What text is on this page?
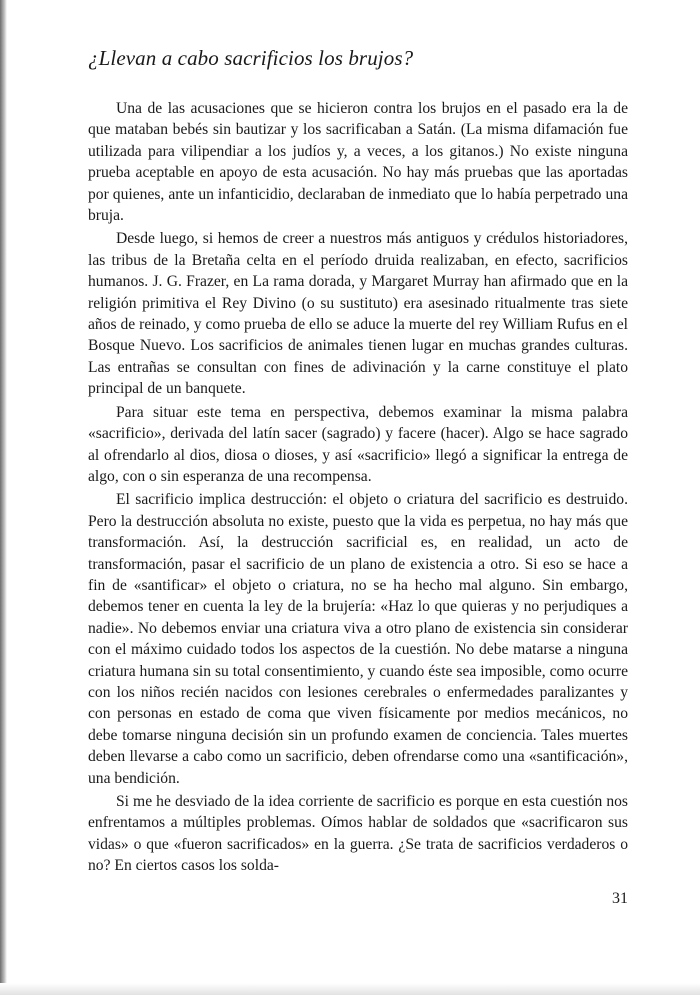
¿Llevan a cabo sacrificios los brujos?

Una de las acusaciones que se hicieron contra los brujos en el pasado era la de que mataban bebés sin bautizar y los sacrificaban a Satán. (La misma difamación fue utilizada para vilipendiar a los judíos y, a veces, a los gitanos.) No existe ninguna prueba aceptable en apoyo de esta acusación. No hay más pruebas que las aportadas por quienes, ante un infanticidio, declaraban de inmediato que lo había perpetrado una bruja.

Desde luego, si hemos de creer a nuestros más antiguos y crédulos historiadores, las tribus de la Bretaña celta en el período druida realizaban, en efecto, sacrificios humanos. J. G. Frazer, en La rama dorada, y Margaret Murray han afirmado que en la religión primitiva el Rey Divino (o su sustituto) era asesinado ritualmente tras siete años de reinado, y como prueba de ello se aduce la muerte del rey William Rufus en el Bosque Nuevo. Los sacrificios de animales tienen lugar en muchas grandes culturas. Las entrañas se consultan con fines de adivinación y la carne constituye el plato principal de un banquete.

Para situar este tema en perspectiva, debemos examinar la misma palabra «sacrificio», derivada del latín sacer (sagrado) y facere (hacer). Algo se hace sagrado al ofrendarlo al dios, diosa o dioses, y así «sacrificio» llegó a significar la entrega de algo, con o sin esperanza de una recompensa.

El sacrificio implica destrucción: el objeto o criatura del sacrificio es destruido. Pero la destrucción absoluta no existe, puesto que la vida es perpetua, no hay más que transformación. Así, la destrucción sacrificial es, en realidad, un acto de transformación, pasar el sacrificio de un plano de existencia a otro. Si eso se hace a fin de «santificar» el objeto o criatura, no se ha hecho mal alguno. Sin embargo, debemos tener en cuenta la ley de la brujería: «Haz lo que quieras y no perjudiques a nadie». No debemos enviar una criatura viva a otro plano de existencia sin considerar con el máximo cuidado todos los aspectos de la cuestión. No debe matarse a ninguna criatura humana sin su total consentimiento, y cuando éste sea imposible, como ocurre con los niños recién nacidos con lesiones cerebrales o enfermedades paralizantes y con personas en estado de coma que viven físicamente por medios mecánicos, no debe tomarse ninguna decisión sin un profundo examen de conciencia. Tales muertes deben llevarse a cabo como un sacrificio, deben ofrendarse como una «santificación», una bendición.

Si me he desviado de la idea corriente de sacrificio es porque en esta cuestión nos enfrentamos a múltiples problemas. Oímos hablar de soldados que «sacrificaron sus vidas» o que «fueron sacrificados» en la guerra. ¿Se trata de sacrificios verdaderos o no? En ciertos casos los solda-

31
